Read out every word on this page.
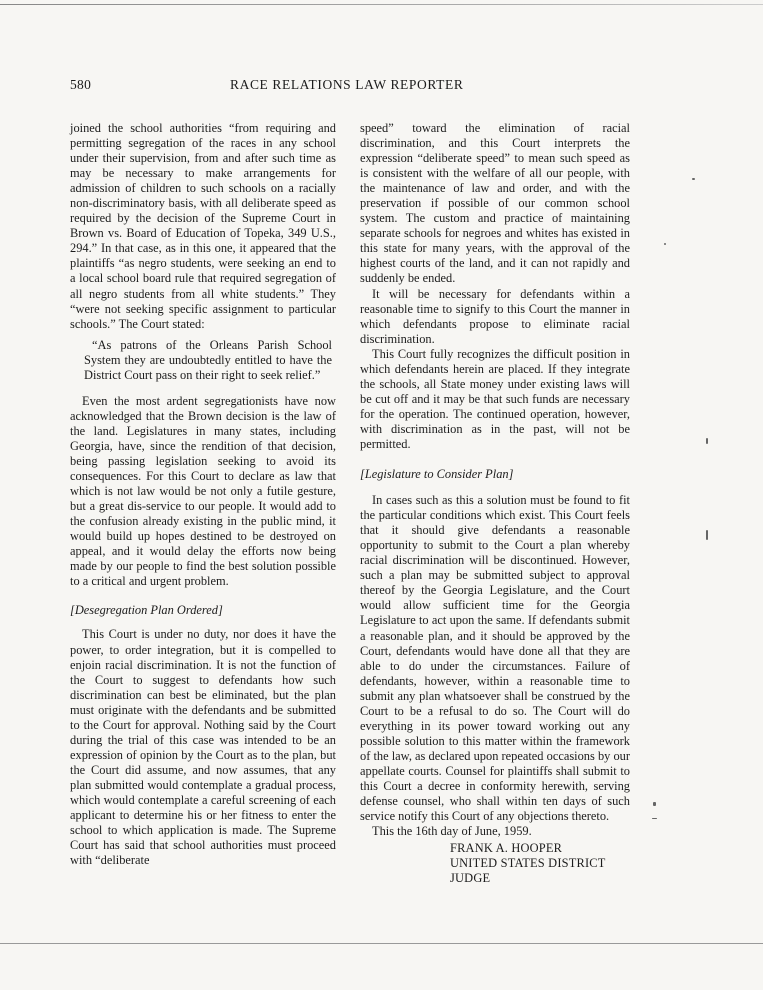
580	RACE RELATIONS LAW REPORTER

joined the school authorities “from requiring and permitting segregation of the races in any school under their supervision, from and after such time as may be necessary to make arrangements for admission of children to such schools on a racially non-discriminatory basis, with all deliberate speed as required by the decision of the Supreme Court in Brown vs. Board of Education of Topeka, 349 U.S., 294.” In that case, as in this one, it appeared that the plaintiffs “as negro students, were seeking an end to a local school board rule that required segregation of all negro students from all white students.” They “were not seeking specific assignment to particular schools.” The Court stated:

“As patrons of the Orleans Parish School System they are undoubtedly entitled to have the District Court pass on their right to seek relief.”

Even the most ardent segregationists have now acknowledged that the Brown decision is the law of the land. Legislatures in many states, including Georgia, have, since the rendition of that decision, being passing legislation seeking to avoid its consequences. For this Court to declare as law that which is not law would be not only a futile gesture, but a great dis-service to our people. It would add to the confusion already existing in the public mind, it would build up hopes destined to be destroyed on appeal, and it would delay the efforts now being made by our people to find the best solution possible to a critical and urgent problem.

[Desegregation Plan Ordered]

This Court is under no duty, nor does it have the power, to order integration, but it is compelled to enjoin racial discrimination. It is not the function of the Court to suggest to defendants how such discrimination can best be eliminated, but the plan must originate with the defendants and be submitted to the Court for approval. Nothing said by the Court during the trial of this case was intended to be an expression of opinion by the Court as to the plan, but the Court did assume, and now assumes, that any plan submitted would contemplate a gradual process, which would contemplate a careful screening of each applicant to determine his or her fitness to enter the school to which application is made. The Supreme Court has said that school authorities must proceed with “deliberate

speed” toward the elimination of racial discrimination, and this Court interprets the expression “deliberate speed” to mean such speed as is consistent with the welfare of all our people, with the maintenance of law and order, and with the preservation if possible of our common school system. The custom and practice of maintaining separate schools for negroes and whites has existed in this state for many years, with the approval of the highest courts of the land, and it can not rapidly and suddenly be ended.

It will be necessary for defendants within a reasonable time to signify to this Court the manner in which defendants propose to eliminate racial discrimination.

This Court fully recognizes the difficult position in which defendants herein are placed. If they integrate the schools, all State money under existing laws will be cut off and it may be that such funds are necessary for the operation. The continued operation, however, with discrimination as in the past, will not be permitted.

[Legislature to Consider Plan]

In cases such as this a solution must be found to fit the particular conditions which exist. This Court feels that it should give defendants a reasonable opportunity to submit to the Court a plan whereby racial discrimination will be discontinued. However, such a plan may be submitted subject to approval thereof by the Georgia Legislature, and the Court would allow sufficient time for the Georgia Legislature to act upon the same. If defendants submit a reasonable plan, and it should be approved by the Court, defendants would have done all that they are able to do under the circumstances. Failure of defendants, however, within a reasonable time to submit any plan whatsoever shall be construed by the Court to be a refusal to do so. The Court will do everything in its power toward working out any possible solution to this matter within the framework of the law, as declared upon repeated occasions by our appellate courts. Counsel for plaintiffs shall submit to this Court a decree in conformity herewith, serving defense counsel, who shall within ten days of such service notify this Court of any objections thereto.

This the 16th day of June, 1959.

FRANK A. HOOPER
UNITED STATES DISTRICT
JUDGE
